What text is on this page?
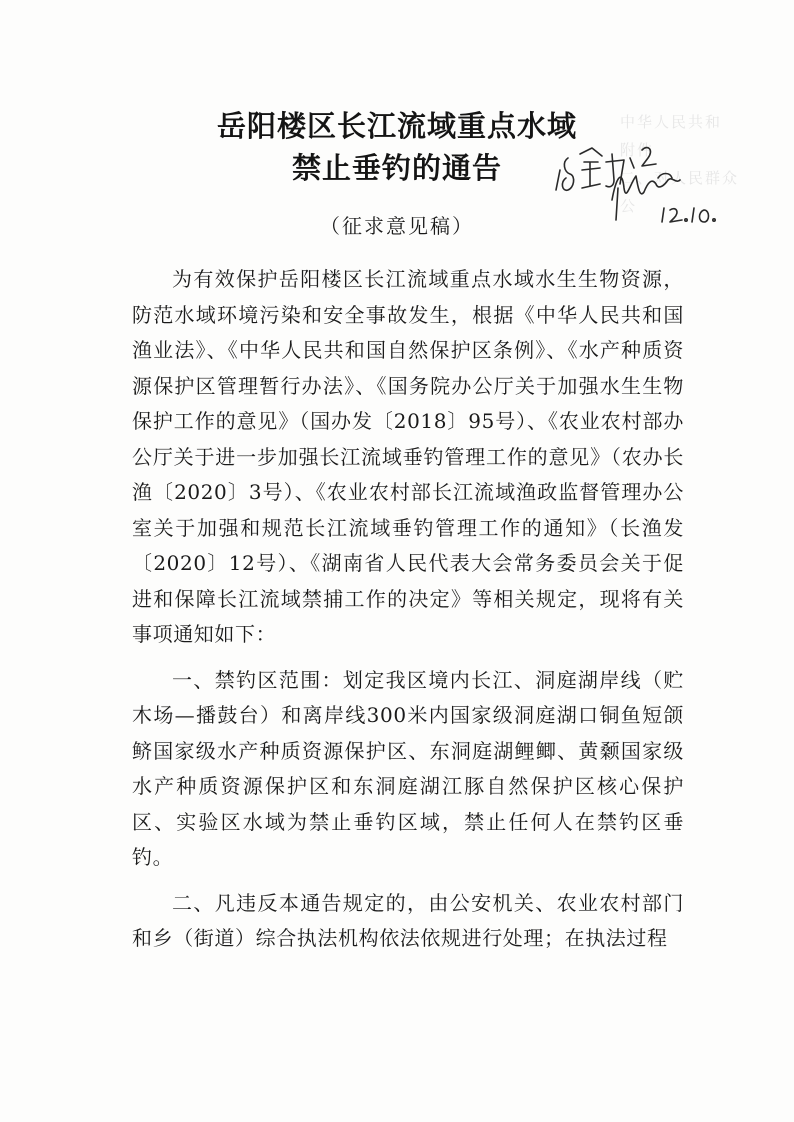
中华人民共和
附件
二、对人民群众
公
岳阳楼区长江流域重点水域
禁止垂钓的通告
（征求意见稿）

为有效保护岳阳楼区长江流域重点水域水生生物资源，防范水域环境污染和安全事故发生，根据《中华人民共和国渔业法》、《中华人民共和国自然保护区条例》、《水产种质资源保护区管理暂行办法》、《国务院办公厅关于加强水生生物保护工作的意见》（国办发〔2018〕95号）、《农业农村部办公厅关于进一步加强长江流域垂钓管理工作的意见》（农办长渔〔2020〕3号）、《农业农村部长江流域渔政监督管理办公室关于加强和规范长江流域垂钓管理工作的通知》（长渔发〔2020〕12号）、《湖南省人民代表大会常务委员会关于促进和保障长江流域禁捕工作的决定》等相关规定，现将有关事项通知如下：

一、禁钓区范围：划定我区境内长江、洞庭湖岸线（贮木场—播鼓台）和离岸线300米内国家级洞庭湖口铜鱼短颌鲚国家级水产种质资源保护区、东洞庭湖鲤鲫、黄颡国家级水产种质资源保护区和东洞庭湖江豚自然保护区核心保护区、实验区水域为禁止垂钓区域，禁止任何人在禁钓区垂钓。

二、凡违反本通告规定的，由公安机关、农业农村部门和乡（街道）综合执法机构依法依规进行处理；在执法过程
